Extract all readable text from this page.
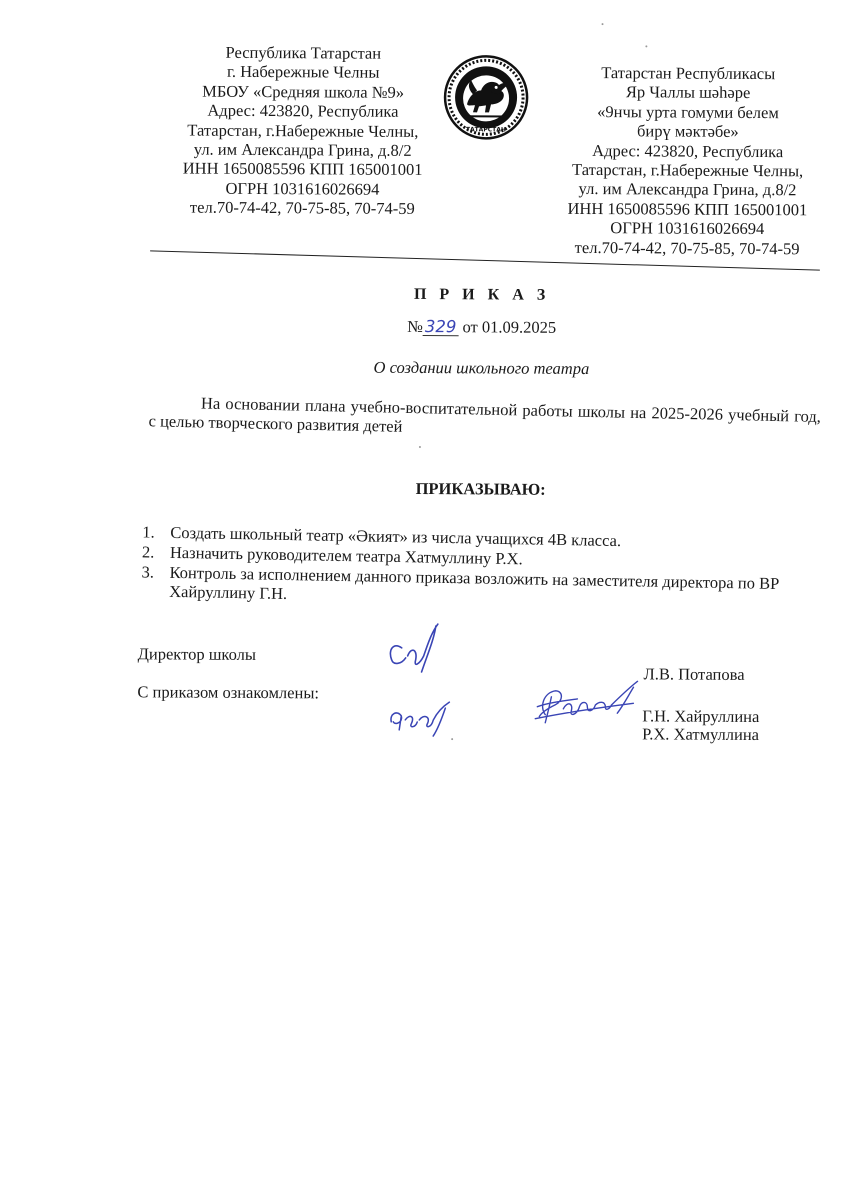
Республика Татарстан
г. Набережные Челны
МБОУ «Средняя школа №9»
Адрес: 423820, Республика
Татарстан, г.Набережные Челны,
ул. им Александра Грина, д.8/2
ИНН 1650085596 КПП 165001001
ОГРН 1031616026694
тел.70-74-42, 70-75-85, 70-74-59
ТАТАРСТАН
Татарстан Республикасы
Яр Чаллы шәһәре
«9нчы урта гомуми белем
бирү мәктәбе»
Адрес: 423820, Республика
Татарстан, г.Набережные Челны,
ул. им Александра Грина, д.8/2
ИНН 1650085596 КПП 165001001
ОГРН 1031616026694
тел.70-74-42, 70-75-85, 70-74-59
П Р И К А З
№ 329 от 01.09.2025
О создании школьного театра
На основании плана учебно-воспитательной работы школы на 2025-2026 учебный год, с целью творческого развития детей
ПРИКАЗЫВАЮ:
1. Создать школьный театр «Әкият» из числа учащихся 4В класса.
2. Назначить руководителем театра Хатмуллину Р.Х.
3. Контроль за исполнением данного приказа возложить на заместителя директора по ВР Хайруллину Г.Н.
Директор школы
Л.В. Потапова
С приказом ознакомлены:
Г.Н. Хайруллина
Р.Х. Хатмуллина
